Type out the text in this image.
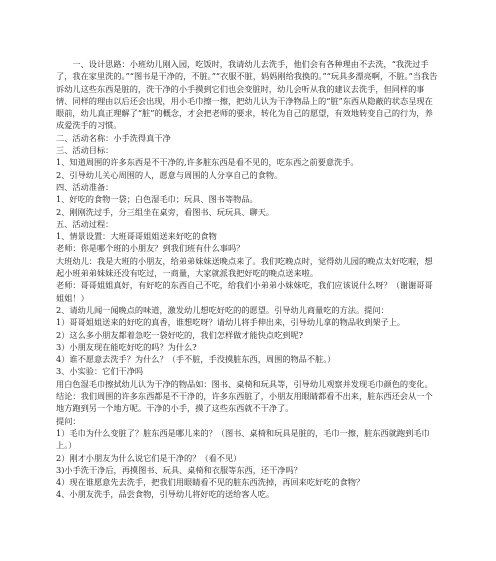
一、设计思路：小班幼儿刚入园，吃饭时，我请幼儿去洗手，他们会有各种理由不去洗，“我洗过手了，我在家里洗的。”“图书是干净的，不脏。”“衣服不脏，妈妈刚给我换的。”“玩具多漂亮啊，不脏。”当我告诉幼儿这些东西是脏的，洗干净的小手摸到它们也会变脏时，幼儿会听从我的建议去洗手，但同样的事情、同样的理由以后还会出现，用小毛巾擦一擦，把幼儿认为干净物品上的“脏”东西从隐蔽的状态呈现在眼前，幼儿真正理解了“脏”的概念，才会把老师的要求，转化为自己的愿望，有效地转变自己的行为，养成爱洗手的习惯。

二、活动名称：小手洗得真干净

三、活动目标：

1、知道周围的许多东西是不干净的,许多脏东西是看不见的，吃东西之前要意洗手。

2、引导幼儿关心周围的人，愿意与周围的人分享自己的食物。

四、活动准备：

1、好吃的食物一袋；白色湿毛巾；玩具、图书等物品。

2、刚刚洗过手，分三组坐在桌旁，看图书、玩玩具、聊天。

五、活动过程：

1、情景设置：大班哥哥姐姐送来好吃的食物

老师：你是哪个班的小朋友？到我们班有什么事吗？

大班幼儿：我是大班的小朋友，给弟弟妹妹送晚点来了。我们吃晚点时，觉得幼儿园的晚点太好吃啦，想起小班弟弟妹妹还没有吃过，一商量，大家就派我把好吃的晚点送来啦。

老师：哥哥姐姐真好，有好吃的东西自己不吃，给我们小弟弟小妹妹吃，我们应该说什么呀？（谢谢哥哥姐姐！）

2、请幼儿闻一闻晚点的味道，激发幼儿想吃好吃的的愿望。引导幼儿商量吃的方法。提问：

1）哥哥姐姐送来的好吃的真香，谁想吃呀？请幼儿将手伸出来，引导幼儿拿的物品收到架子上。

2）这么多小朋友都着急吃一袋好吃的，我们怎样做才能快点吃到呢?

3）小朋友现在能吃好吃的吗？为什么?

4）谁不愿意去洗手？为什么？（手不脏，手没摸脏东西，周围的物品不脏。）

3、小实验：它们干净吗

用白色湿毛巾擦拭幼儿认为干净的物品如：图书、桌椅和玩具等，引导幼儿观察并发现毛巾颜色的变化。

结论：我们周围的许多东西都是不干净的，许多东西脏了，小朋友用眼睛都看不出来，脏东西还会从一个地方跑到另一个地方呢。干净的小手，摸了这些东西就不干净了。

提问：

1）毛巾为什么变脏了？脏东西是哪儿来的？（图书、桌椅和玩具是脏的，毛巾一擦，脏东西就跑到毛巾上。）

2）刚才小朋友为什么说它们是干净的？（看不见）

3)小手洗干净后，再摸图书、玩具、桌椅和衣服等东西，还干净吗？

4）现在谁愿意先去洗手，把我们用眼睛看不见的脏东西洗掉，再回来吃好吃的食物？

4、小朋友洗手，品尝食物，引导幼儿将好吃的送给客人吃。
